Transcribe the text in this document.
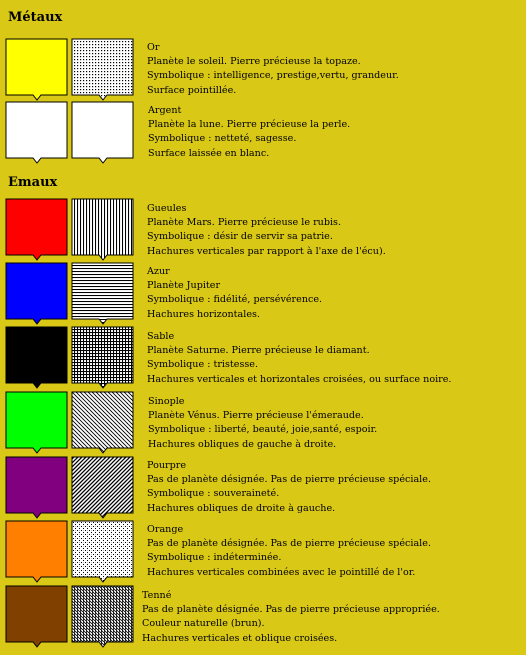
Métaux
Emaux
Or
Planète le soleil. Pierre précieuse la topaze.
Symbolique : intelligence, prestige,vertu, grandeur.
Surface pointillée.
Argent
Planète la lune. Pierre précieuse la perle.
Symbolique : netteté, sagesse.
Surface laissée en blanc.
Gueules
Planète Mars. Pierre précieuse le rubis.
Symbolique : désir de servir sa patrie.
Hachures verticales par rapport à l'axe de l'écu).
Azur
Planète Jupiter
Symbolique : fidélité, persévérence.
Hachures horizontales.
Sable
Planète Saturne. Pierre précieuse le diamant.
Symbolique : tristesse.
Hachures verticales et horizontales croisées, ou surface noire.
Sinople
Planète Vénus. Pierre précieuse l'émeraude.
Symbolique : liberté, beauté, joie,santé, espoir.
Hachures obliques de gauche à droite.
Pourpre
Pas de planète désignée. Pas de pierre précieuse spéciale.
Symbolique : souveraineté.
Hachures obliques de droite à gauche.
Orange
Pas de planète désignée. Pas de pierre précieuse spéciale.
Symbolique : indéterminée.
Hachures verticales combinées avec le pointillé de l'or.
Tenné
Pas de planète désignée. Pas de pierre précieuse appropriée.
Couleur naturelle (brun).
Hachures verticales et oblique croisées.
